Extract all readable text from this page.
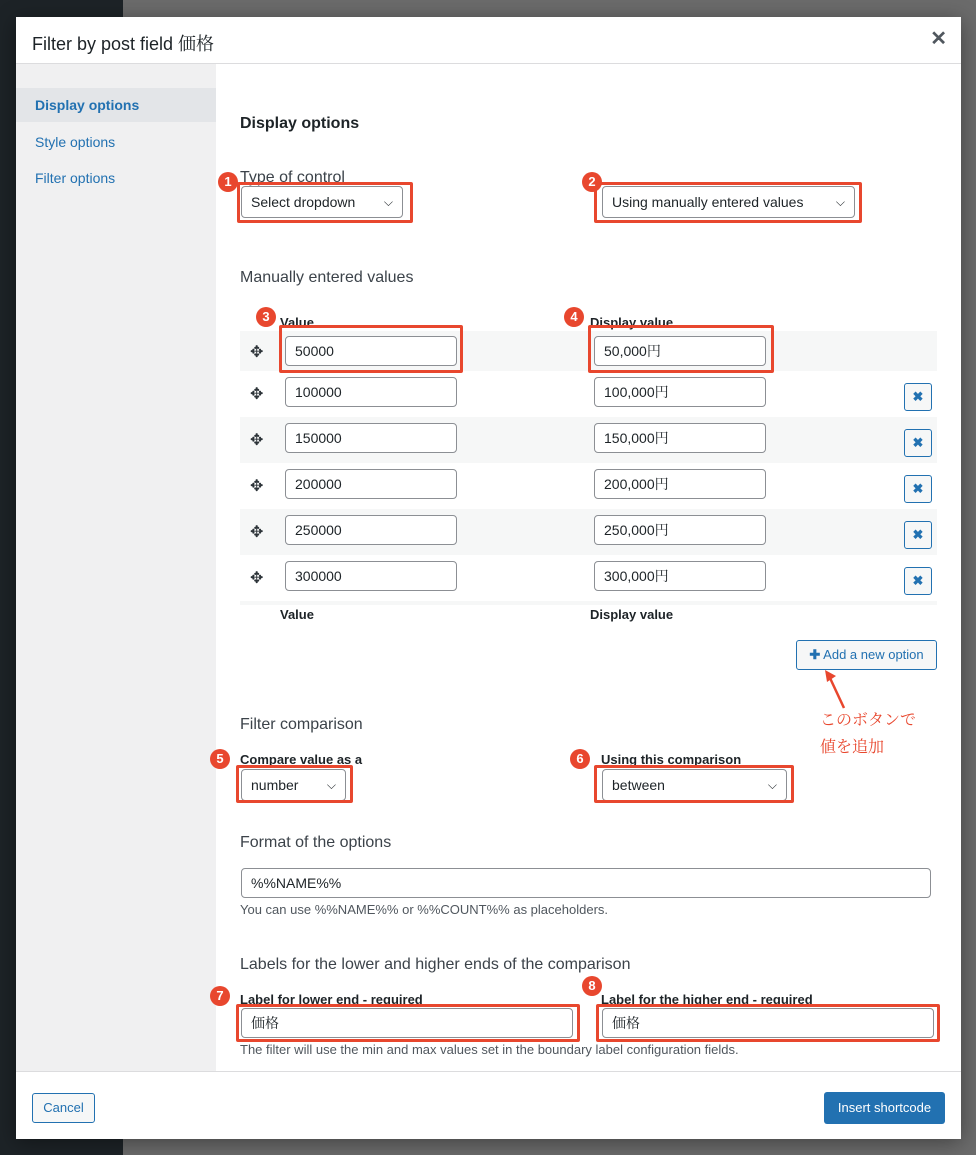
Filter by post field 価格	✕
Display options
Style options
Filter options
Display options
Type of control
Select dropdown ⌵
1
Using manually entered values	⌵
2
Manually entered values
Value	Display value
3	4
✥	50000	50,000円
✥	100000	100,000円	✖
✥	150000	150,000円	✖
✥	200000	200,000円	✖
✥	250000	250,000円	✖
✥	300000	300,000円	✖
Value	Display value
✚ Add a new option
このボタンで
値を追加
Filter comparison
Compare value as a
number ⌵
5	Using this comparison
between	⌵
6
Format of the options
%%NAME%%
You can use %%NAME%% or %%COUNT%% as placeholders.
Labels for the lower and higher ends of the comparison
Label for lower end - required
価格
7	Label for the higher end - required
価格
8
The filter will use the min and max values set in the boundary label configuration fields.
Cancel	Insert shortcode
